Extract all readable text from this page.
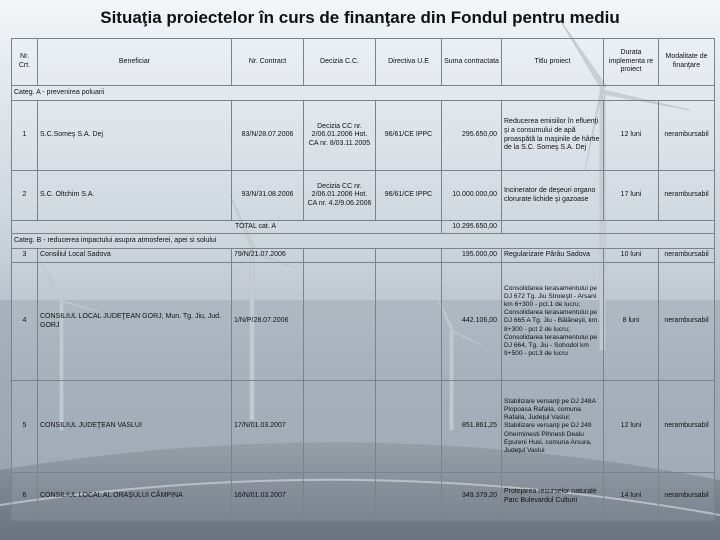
Situaţia proiectelor în curs de finanţare din Fondul pentru mediu
Nr. Crt.	Beneficiar	Nr. Contract	Decizia C.C.	Directiva U.E	Suma contractata	Titlu proiect	Durata implementa re proiect	Modalitate de finanţare
Categ. A - prevenirea poluarii								
1	S.C.Someş S.A. Dej	83/N/28.07.2006	Decizia CC nr. 2/06.01.2006 Hot. CA nr. 8/03.11.2005	96/61/CE IPPC	295.650,00	Reducerea emisiilor în efluenţi şi a consumului de apă proaspătă la maşinile de hârtie de la S.C. Someş S.A. Dej	12 luni	nerambursabil
2	S.C. Oltchim S.A.	93/N/31.08.2006	Decizia CC nr. 2/06.01.2006 Hot. CA nr. 4.2/9.06.2006	96/61/CE IPPC	10.000.000,00	Incinerator de deşeuri organo clorurate lichide şi gazoase	17 luni	nerambursabil
TOTAL cat. A					10.295.650,00			
Categ. B - reducerea impactului asupra atmosferei, apei si solului								
3	Consiliul Local Sadova	79/N/21.07.2006			195.000,00	Regularizare Pârâu Sadova	10 luni	nerambursabil
4	CONSILIUL LOCAL JUDEŢEAN GORJ, Mun. Tg. Jiu, Jud. GORJ	1/N/P/28.07.2006			442.106,00	Consolidarea terasamentului pe DJ 672 Tg. Jiu Stroieşti - Arsani km 6+300 - pct.1 de lucru; Consolidarea terasamentului pe DJ 665 A Tg. Jiu - Bălăneşti, km. 8+300 - pct 2 de lucru; Consolidarea terasamentului pe DJ 664, Tg. Jiu - Sohodol km 9+500 - pct.3 de lucru	8 luni	nerambursabil
5	CONSILIUL JUDEŢEAN VASLUI	17/N/01.03.2007			851.861,25	Stabilizare versanţi pe DJ 248A Plopoasa Rafaila, comuna Rafaila, Judeţul Vaslui; Stabilizare versanţi pe DJ 249 Gherminesti Pihnesti Dealu Epureni Husi, comuna Arsura, Judeţul Vaslui	12 luni	nerambursabil
6	CONSILIUL LOCAL AL ORAŞULUI CÂMPINA	16/N/01.03.2007			349.379,20	Protejarea resurselor naturale Parc Bulevardul Culturii	14 luni	nerambursabil
